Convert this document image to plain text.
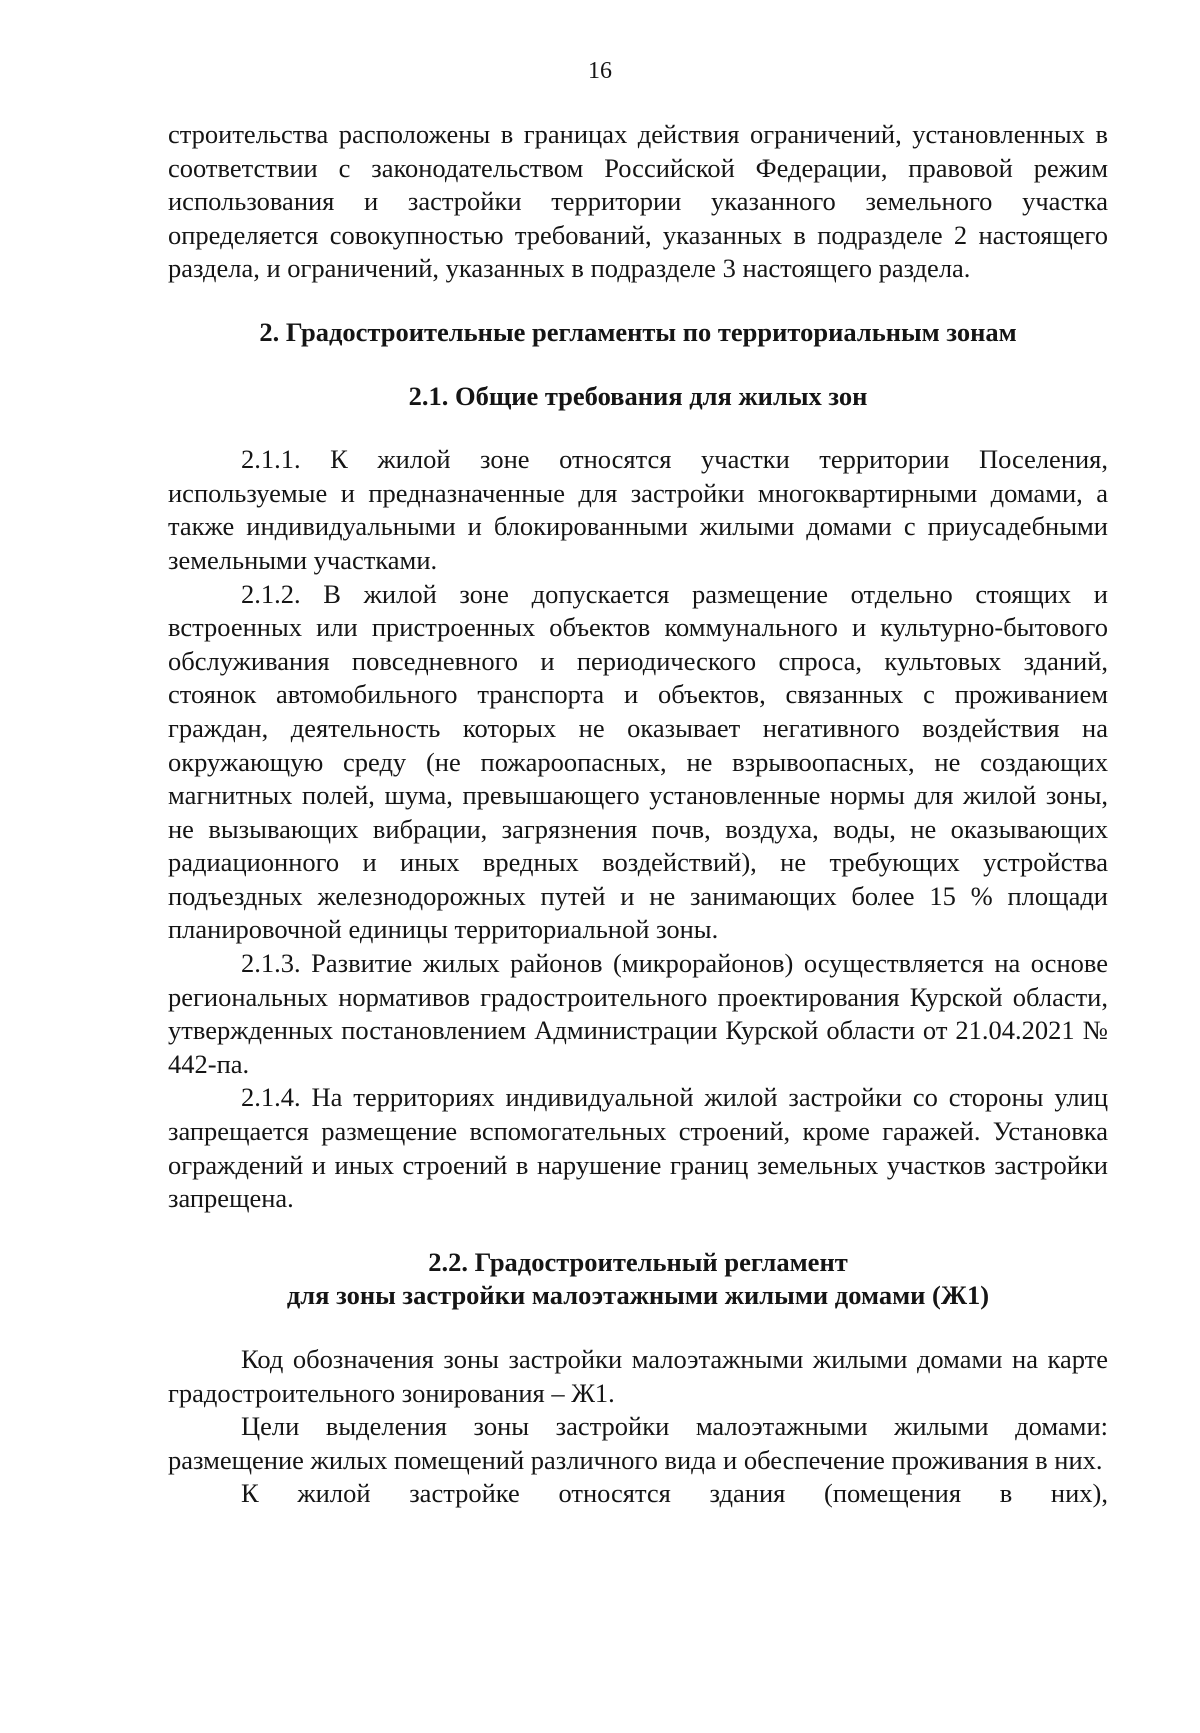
16

строительства расположены в границах действия ограничений, установленных в соответствии с законодательством Российской Федерации, правовой режим использования и застройки территории указанного земельного участка определяется совокупностью требований, указанных в подразделе 2 настоящего раздела, и ограничений, указанных в подразделе 3 настоящего раздела.

2. Градостроительные регламенты по территориальным зонам

2.1. Общие требования для жилых зон

2.1.1. К жилой зоне относятся участки территории Поселения, используемые и предназначенные для застройки многоквартирными домами, а также индивидуальными и блокированными жилыми домами с приусадебными земельными участками.

2.1.2. В жилой зоне допускается размещение отдельно стоящих и встроенных или пристроенных объектов коммунального и культурно-бытового обслуживания повседневного и периодического спроса, культовых зданий, стоянок автомобильного транспорта и объектов, связанных с проживанием граждан, деятельность которых не оказывает негативного воздействия на окружающую среду (не пожароопасных, не взрывоопасных, не создающих магнитных полей, шума, превышающего установленные нормы для жилой зоны, не вызывающих вибрации, загрязнения почв, воздуха, воды, не оказывающих радиационного и иных вредных воздействий), не требующих устройства подъездных железнодорожных путей и не занимающих более 15 % площади планировочной единицы территориальной зоны.

2.1.3. Развитие жилых районов (микрорайонов) осуществляется на основе региональных нормативов градостроительного проектирования Курской области, утвержденных постановлением Администрации Курской области от 21.04.2021 № 442-па.

2.1.4. На территориях индивидуальной жилой застройки со стороны улиц запрещается размещение вспомогательных строений, кроме гаражей. Установка ограждений и иных строений в нарушение границ земельных участков застройки запрещена.

2.2. Градостроительный регламент

для зоны застройки малоэтажными жилыми домами (Ж1)

Код обозначения зоны застройки малоэтажными жилыми домами на карте градостроительного зонирования – Ж1.

Цели выделения зоны застройки малоэтажными жилыми домами: размещение жилых помещений различного вида и обеспечение проживания в них.

К жилой застройке относятся здания (помещения в них),
